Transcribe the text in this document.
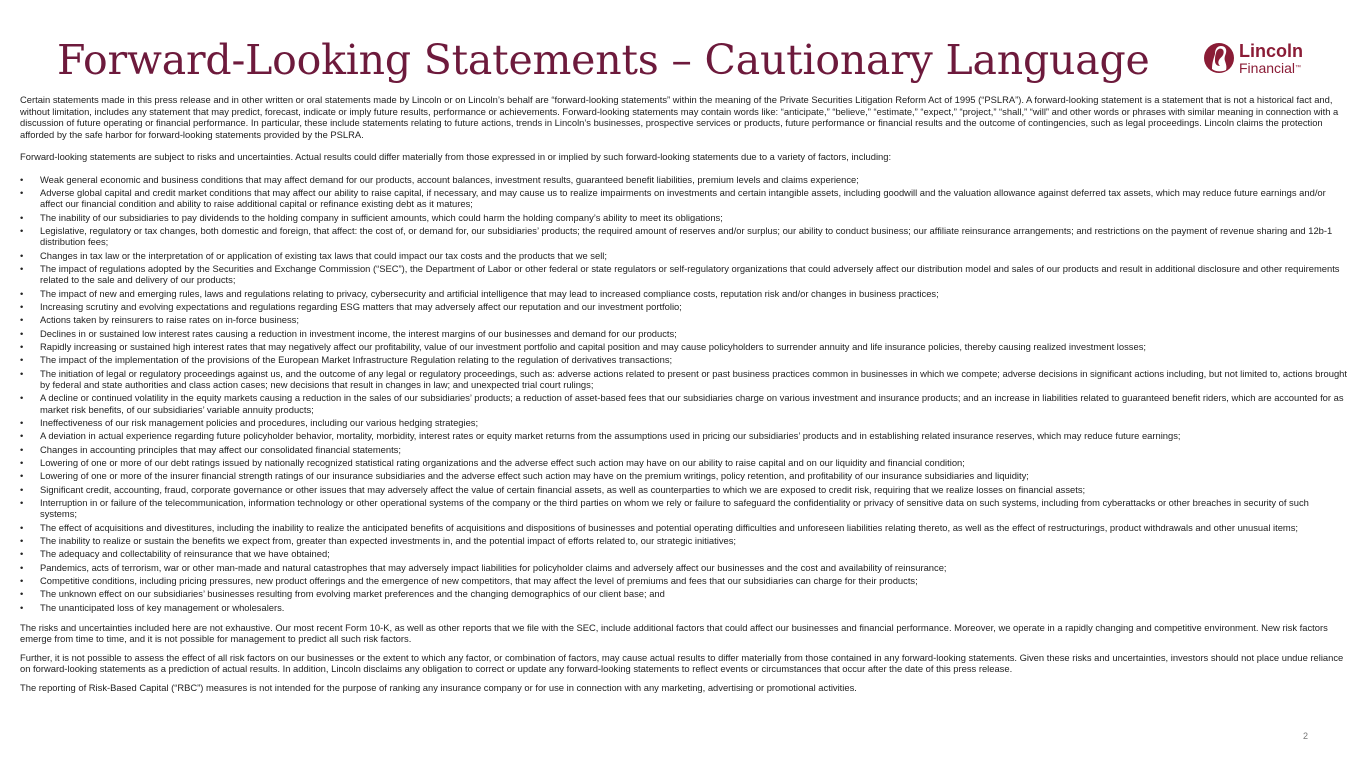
Forward-Looking Statements – Cautionary Language	Lincoln
Financial™

Certain statements made in this press release and in other written or oral statements made by Lincoln or on Lincoln’s behalf are “forward-looking statements” within the meaning of the Private Securities Litigation Reform Act of 1995 (“PSLRA”). A forward-looking statement is a statement that is not a historical fact and, without limitation, includes any statement that may predict, forecast, indicate or imply future results, performance or achievements. Forward-looking statements may contain words like: “anticipate,” “believe,” “estimate,” “expect,” “project,” “shall,” “will” and other words or phrases with similar meaning in connection with a discussion of future operating or financial performance. In particular, these include statements relating to future actions, trends in Lincoln’s businesses, prospective services or products, future performance or financial results and the outcome of contingencies, such as legal proceedings. Lincoln claims the protection afforded by the safe harbor for forward-looking statements provided by the PSLRA.

Forward-looking statements are subject to risks and uncertainties. Actual results could differ materially from those expressed in or implied by such forward-looking statements due to a variety of factors, including:

• Weak general economic and business conditions that may affect demand for our products, account balances, investment results, guaranteed benefit liabilities, premium levels and claims experience;
• Adverse global capital and credit market conditions that may affect our ability to raise capital, if necessary, and may cause us to realize impairments on investments and certain intangible assets, including goodwill and the valuation allowance against deferred tax assets, which may reduce future earnings and/or affect our financial condition and ability to raise additional capital or refinance existing debt as it matures;
• The inability of our subsidiaries to pay dividends to the holding company in sufficient amounts, which could harm the holding company’s ability to meet its obligations;
• Legislative, regulatory or tax changes, both domestic and foreign, that affect: the cost of, or demand for, our subsidiaries’ products; the required amount of reserves and/or surplus; our ability to conduct business; our affiliate reinsurance arrangements; and restrictions on the payment of revenue sharing and 12b-1 distribution fees;
• Changes in tax law or the interpretation of or application of existing tax laws that could impact our tax costs and the products that we sell;
• The impact of regulations adopted by the Securities and Exchange Commission (“SEC”), the Department of Labor or other federal or state regulators or self-regulatory organizations that could adversely affect our distribution model and sales of our products and result in additional disclosure and other requirements related to the sale and delivery of our products;
• The impact of new and emerging rules, laws and regulations relating to privacy, cybersecurity and artificial intelligence that may lead to increased compliance costs, reputation risk and/or changes in business practices;
• Increasing scrutiny and evolving expectations and regulations regarding ESG matters that may adversely affect our reputation and our investment portfolio;
• Actions taken by reinsurers to raise rates on in-force business;
• Declines in or sustained low interest rates causing a reduction in investment income, the interest margins of our businesses and demand for our products;
• Rapidly increasing or sustained high interest rates that may negatively affect our profitability, value of our investment portfolio and capital position and may cause policyholders to surrender annuity and life insurance policies, thereby causing realized investment losses;
• The impact of the implementation of the provisions of the European Market Infrastructure Regulation relating to the regulation of derivatives transactions;
• The initiation of legal or regulatory proceedings against us, and the outcome of any legal or regulatory proceedings, such as: adverse actions related to present or past business practices common in businesses in which we compete; adverse decisions in significant actions including, but not limited to, actions brought by federal and state authorities and class action cases; new decisions that result in changes in law; and unexpected trial court rulings;
• A decline or continued volatility in the equity markets causing a reduction in the sales of our subsidiaries’ products; a reduction of asset-based fees that our subsidiaries charge on various investment and insurance products; and an increase in liabilities related to guaranteed benefit riders, which are accounted for as market risk benefits, of our subsidiaries’ variable annuity products;
• Ineffectiveness of our risk management policies and procedures, including our various hedging strategies;
• A deviation in actual experience regarding future policyholder behavior, mortality, morbidity, interest rates or equity market returns from the assumptions used in pricing our subsidiaries’ products and in establishing related insurance reserves, which may reduce future earnings;
• Changes in accounting principles that may affect our consolidated financial statements;
• Lowering of one or more of our debt ratings issued by nationally recognized statistical rating organizations and the adverse effect such action may have on our ability to raise capital and on our liquidity and financial condition;
• Lowering of one or more of the insurer financial strength ratings of our insurance subsidiaries and the adverse effect such action may have on the premium writings, policy retention, and profitability of our insurance subsidiaries and liquidity;
• Significant credit, accounting, fraud, corporate governance or other issues that may adversely affect the value of certain financial assets, as well as counterparties to which we are exposed to credit risk, requiring that we realize losses on financial assets;
• Interruption in or failure of the telecommunication, information technology or other operational systems of the company or the third parties on whom we rely or failure to safeguard the confidentiality or privacy of sensitive data on such systems, including from cyberattacks or other breaches in security of such systems;
• The effect of acquisitions and divestitures, including the inability to realize the anticipated benefits of acquisitions and dispositions of businesses and potential operating difficulties and unforeseen liabilities relating thereto, as well as the effect of restructurings, product withdrawals and other unusual items;
• The inability to realize or sustain the benefits we expect from, greater than expected investments in, and the potential impact of efforts related to, our strategic initiatives;
• The adequacy and collectability of reinsurance that we have obtained;
• Pandemics, acts of terrorism, war or other man-made and natural catastrophes that may adversely impact liabilities for policyholder claims and adversely affect our businesses and the cost and availability of reinsurance;
• Competitive conditions, including pricing pressures, new product offerings and the emergence of new competitors, that may affect the level of premiums and fees that our subsidiaries can charge for their products;
• The unknown effect on our subsidiaries’ businesses resulting from evolving market preferences and the changing demographics of our client base; and
• The unanticipated loss of key management or wholesalers.

The risks and uncertainties included here are not exhaustive. Our most recent Form 10-K, as well as other reports that we file with the SEC, include additional factors that could affect our businesses and financial performance. Moreover, we operate in a rapidly changing and competitive environment. New risk factors emerge from time to time, and it is not possible for management to predict all such risk factors.

Further, it is not possible to assess the effect of all risk factors on our businesses or the extent to which any factor, or combination of factors, may cause actual results to differ materially from those contained in any forward-looking statements. Given these risks and uncertainties, investors should not place undue reliance on forward-looking statements as a prediction of actual results. In addition, Lincoln disclaims any obligation to correct or update any forward-looking statements to reflect events or circumstances that occur after the date of this press release.

The reporting of Risk-Based Capital (“RBC”) measures is not intended for the purpose of ranking any insurance company or for use in connection with any marketing, advertising or promotional activities.

2
